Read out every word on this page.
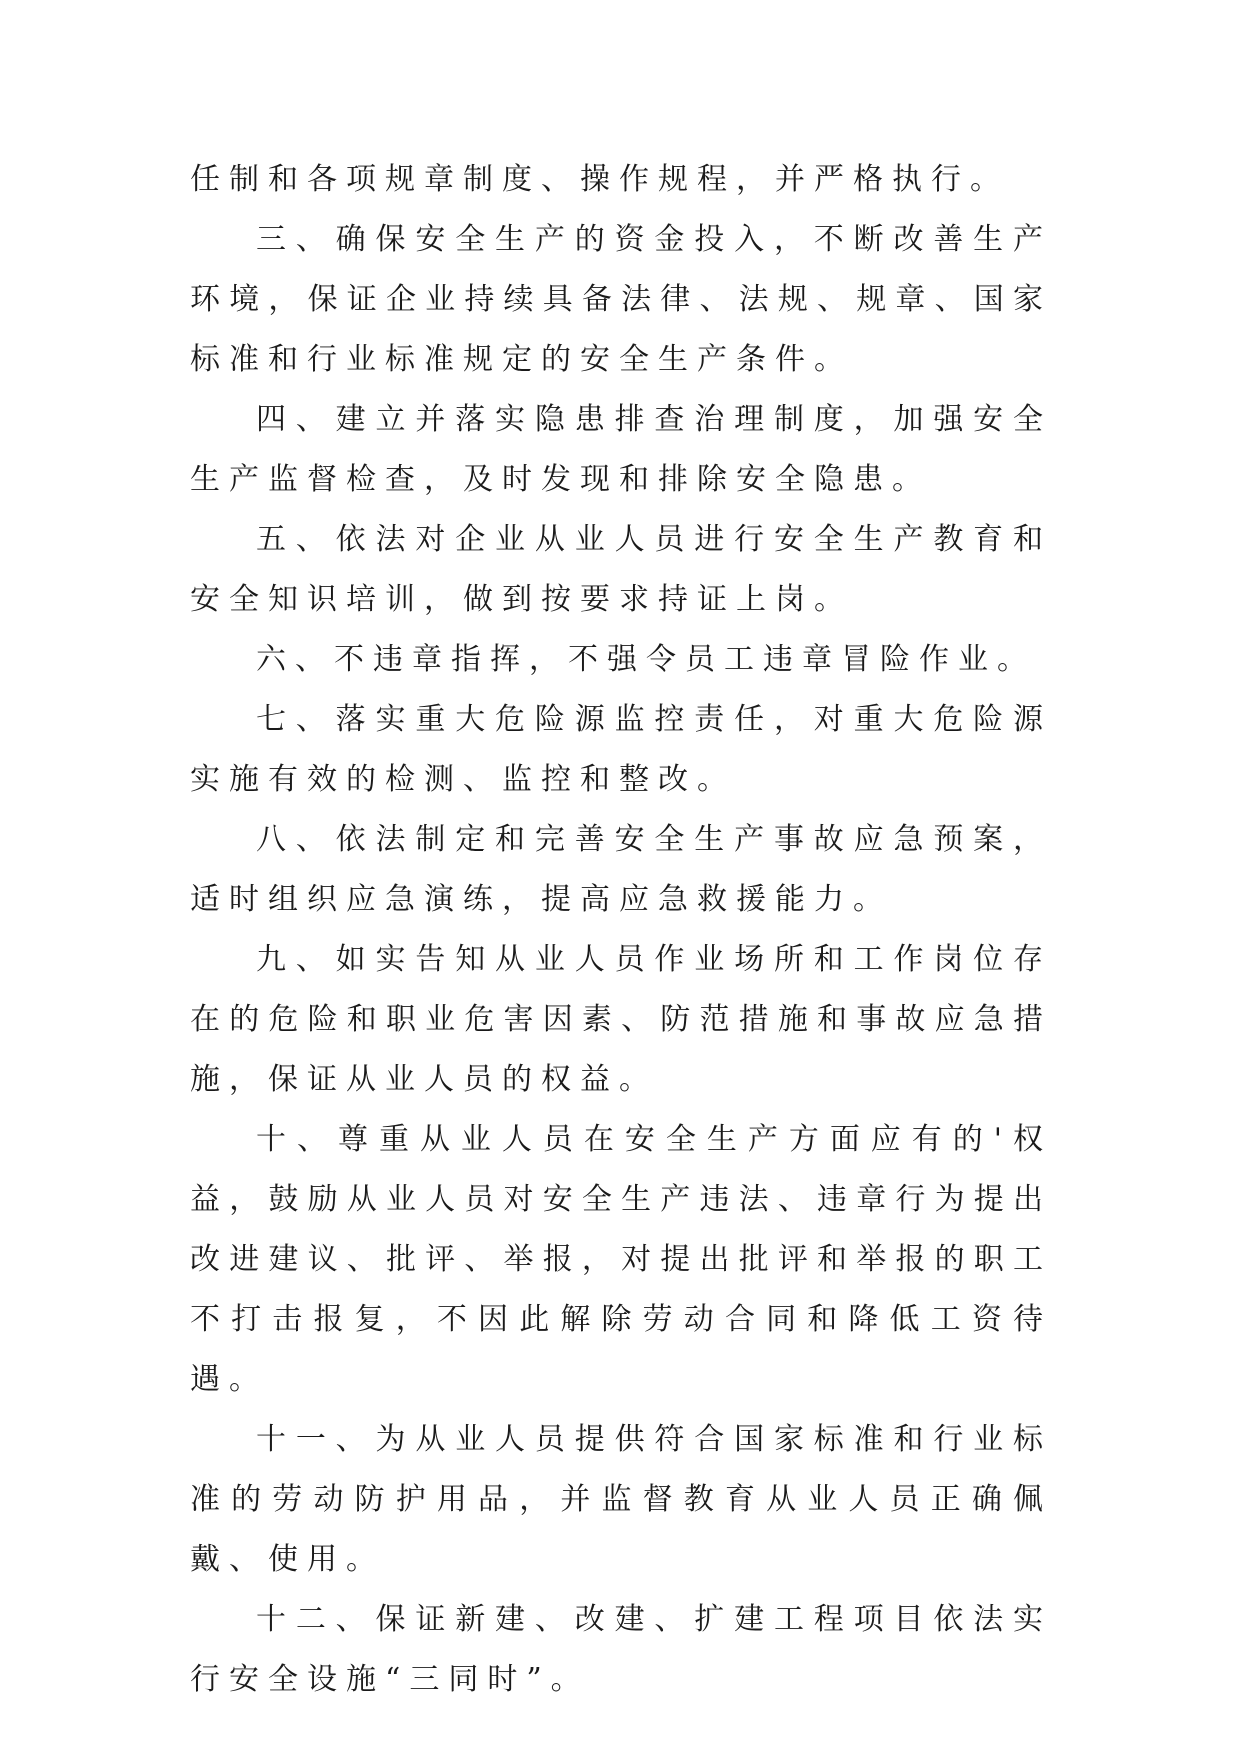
任制和各项规章制度、操作规程，并严格执行。

三、确保安全生产的资金投入，不断改善生产环境，保证企业持续具备法律、法规、规章、国家标准和行业标准规定的安全生产条件。

四、建立并落实隐患排查治理制度，加强安全生产监督检查，及时发现和排除安全隐患。

五、依法对企业从业人员进行安全生产教育和安全知识培训，做到按要求持证上岗。

六、不违章指挥，不强令员工违章冒险作业。

七、落实重大危险源监控责任，对重大危险源实施有效的检测、监控和整改。

八、依法制定和完善安全生产事故应急预案，适时组织应急演练，提高应急救援能力。

九、如实告知从业人员作业场所和工作岗位存在的危险和职业危害因素、防范措施和事故应急措施，保证从业人员的权益。

十、尊重从业人员在安全生产方面应有的'权益，鼓励从业人员对安全生产违法、违章行为提出改进建议、批评、举报，对提出批评和举报的职工不打击报复，不因此解除劳动合同和降低工资待遇。

十一、为从业人员提供符合国家标准和行业标准的劳动防护用品，并监督教育从业人员正确佩戴、使用。

十二、保证新建、改建、扩建工程项目依法实行安全设施“三同时”。
